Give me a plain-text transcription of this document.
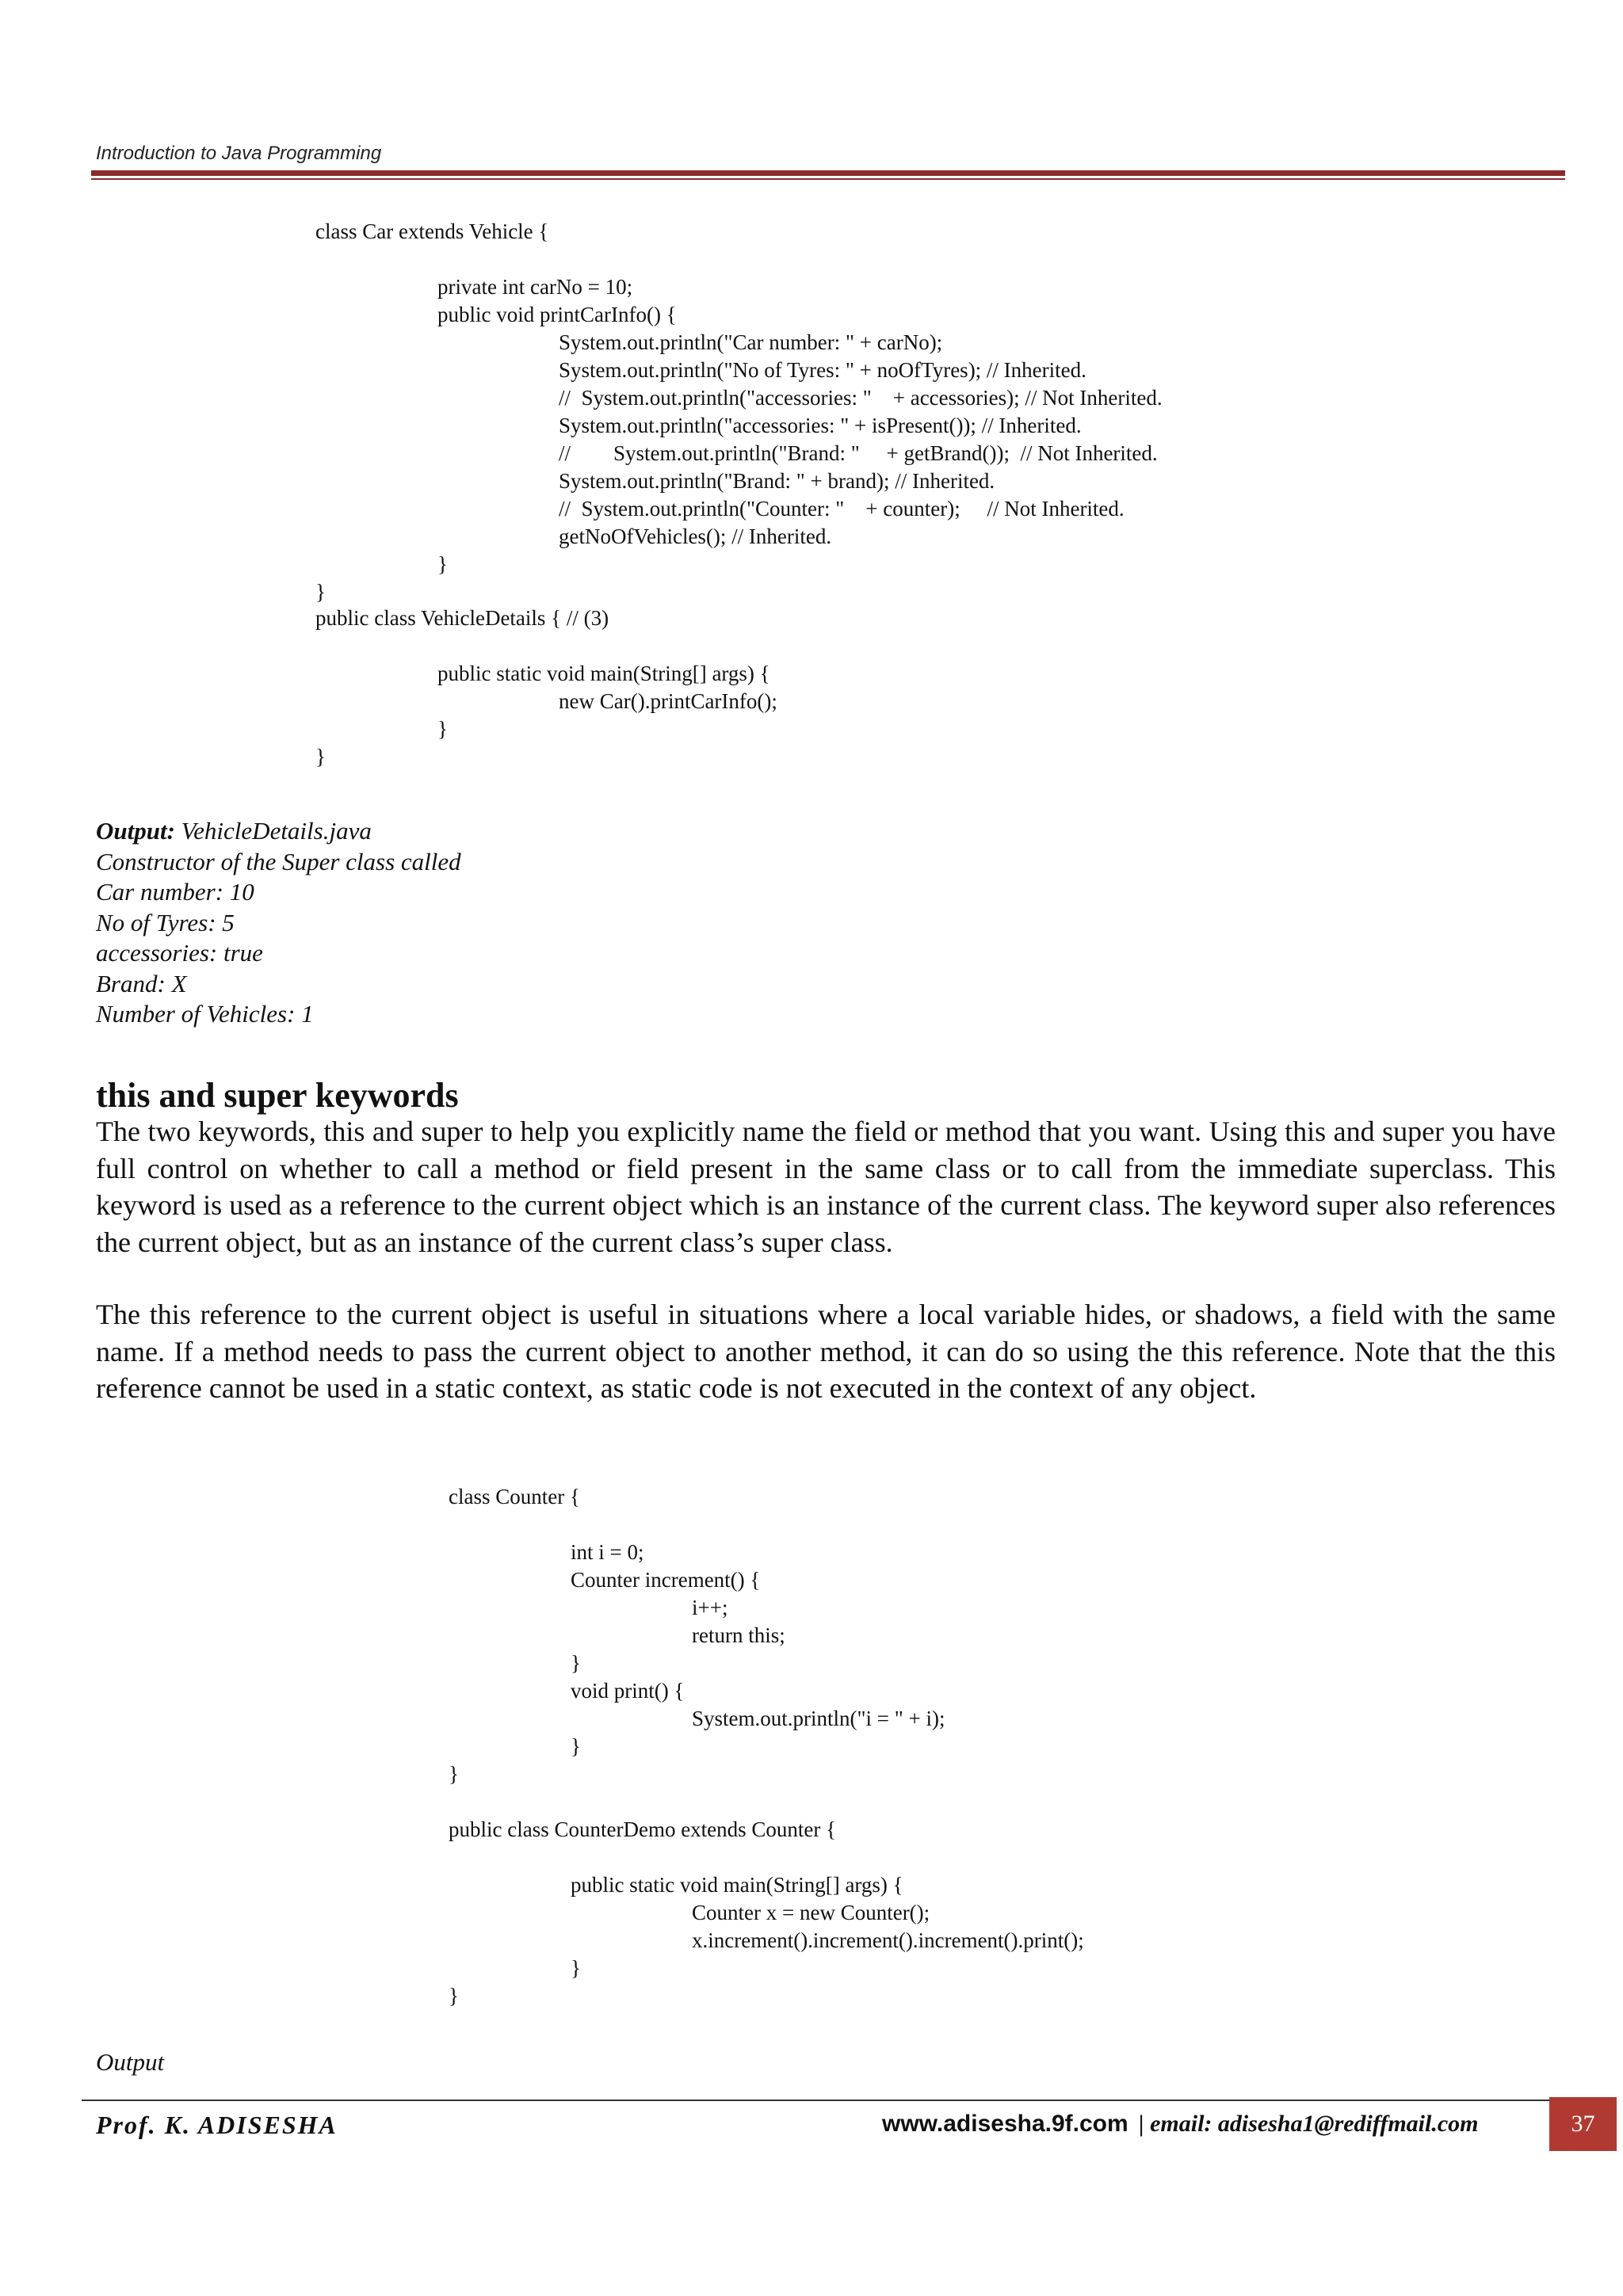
Introduction to Java Programming
class Car extends Vehicle {
private int carNo = 10;
public void printCarInfo() {
System.out.println("Car number: " + carNo);
System.out.println("No of Tyres: " + noOfTyres); // Inherited.
//  System.out.println("accessories: "    + accessories); // Not Inherited.
System.out.println("accessories: " + isPresent()); // Inherited.
//        System.out.println("Brand: "     + getBrand());  // Not Inherited.
System.out.println("Brand: " + brand); // Inherited.
//  System.out.println("Counter: "    + counter);     // Not Inherited.
getNoOfVehicles(); // Inherited.
}
}
public class VehicleDetails { // (3)
public static void main(String[] args) {
new Car().printCarInfo();
}
}
Output: VehicleDetails.java
Constructor of the Super class called
Car number: 10
No of Tyres: 5
accessories: true
Brand: X
Number of Vehicles: 1
this and super keywords
The two keywords, this and super to help you explicitly name the field or method that you want. Using this and super you have full control on whether to call a method or field present in the same class or to call from the immediate superclass. This keyword is used as a reference to the current object which is an instance of the current class. The keyword super also references the current object, but as an instance of the current class’s super class.
The this reference to the current object is useful in situations where a local variable hides, or shadows, a field with the same name. If a method needs to pass the current object to another method, it can do so using the this reference. Note that the this reference cannot be used in a static context, as static code is not executed in the context of any object.
class Counter {
int i = 0;
Counter increment() {
i++;
return this;
}
void print() {
System.out.println("i = " + i);
}
}
public class CounterDemo extends Counter {
public static void main(String[] args) {
Counter x = new Counter();
x.increment().increment().increment().print();
}
}
Output
Prof. K. ADISESHA	www.adisesha.9f.com | email: adisesha1@rediffmail.com	37
